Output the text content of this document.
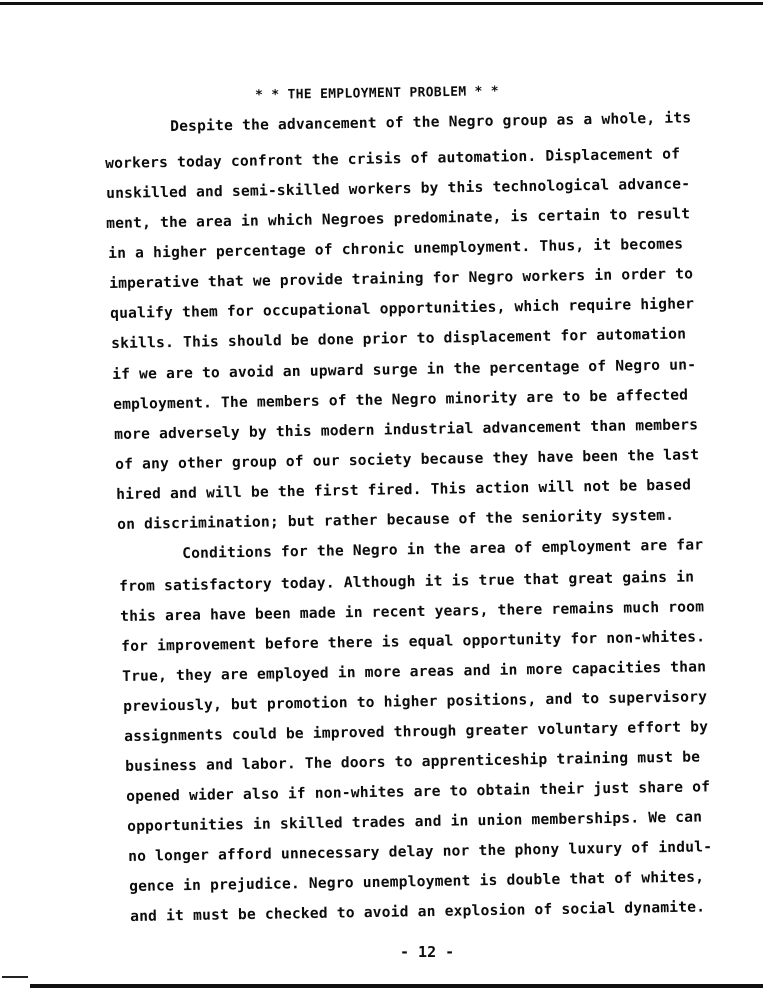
* * THE EMPLOYMENT PROBLEM * *
Despite the advancement of the Negro group as a whole, its
workers today confront the crisis of automation. Displacement of
unskilled and semi-skilled workers by this technological advance-
ment, the area in which Negroes predominate, is certain to result
in a higher percentage of chronic unemployment. Thus, it becomes
imperative that we provide training for Negro workers in order to
qualify them for occupational opportunities, which require higher
skills. This should be done prior to displacement for automation
if we are to avoid an upward surge in the percentage of Negro un-
employment. The members of the Negro minority are to be affected
more adversely by this modern industrial advancement than members
of any other group of our society because they have been the last
hired and will be the first fired. This action will not be based
on discrimination; but rather because of the seniority system.
Conditions for the Negro in the area of employment are far
from satisfactory today. Although it is true that great gains in
this area have been made in recent years, there remains much room
for improvement before there is equal opportunity for non-whites.
True, they are employed in more areas and in more capacities than
previously, but promotion to higher positions, and to supervisory
assignments could be improved through greater voluntary effort by
business and labor. The doors to apprenticeship training must be
opened wider also if non-whites are to obtain their just share of
opportunities in skilled trades and in union memberships. We can
no longer afford unnecessary delay nor the phony luxury of indul-
gence in prejudice. Negro unemployment is double that of whites,
and it must be checked to avoid an explosion of social dynamite.
- 12 -
